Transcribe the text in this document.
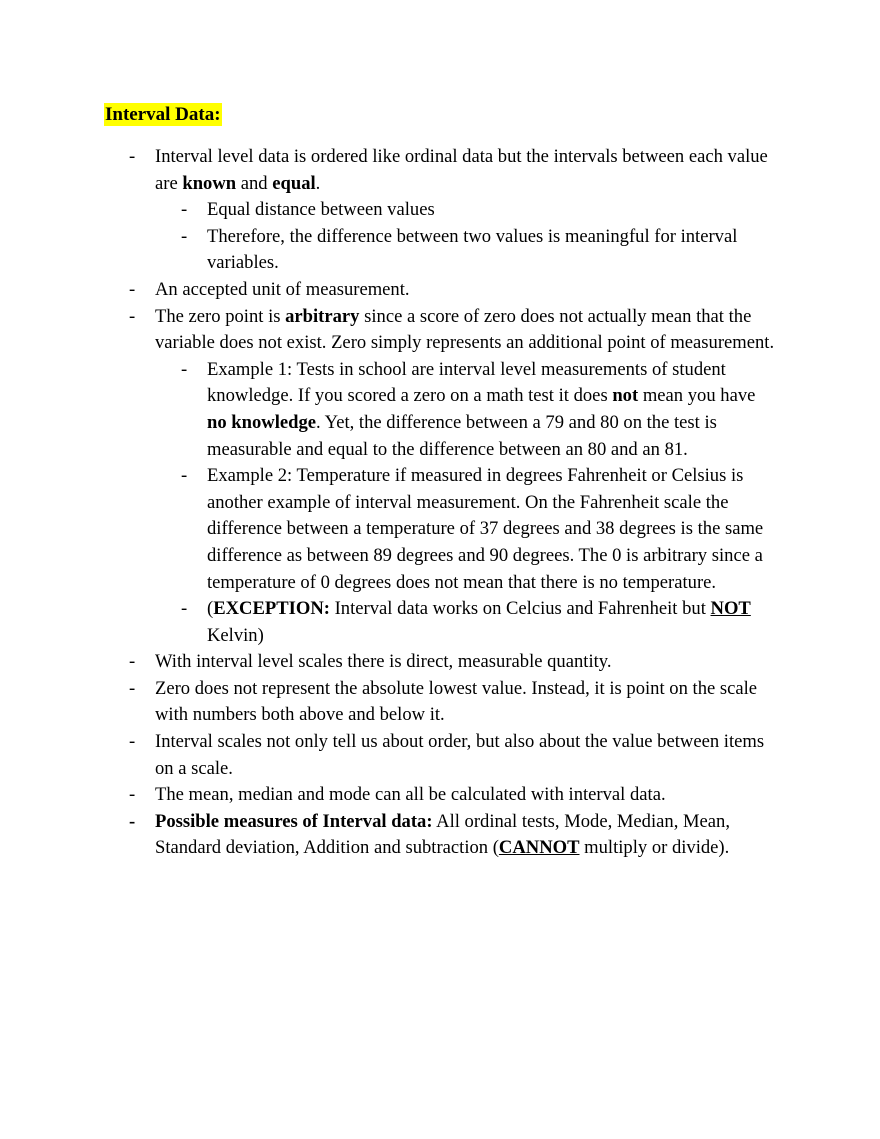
Interval Data:
- Interval level data is ordered like ordinal data but the intervals between each value are known and equal.
- Equal distance between values
- Therefore, the difference between two values is meaningful for interval variables.
- An accepted unit of measurement.
- The zero point is arbitrary since a score of zero does not actually mean that the variable does not exist. Zero simply represents an additional point of measurement.
- Example 1: Tests in school are interval level measurements of student knowledge. If you scored a zero on a math test it does not mean you have no knowledge. Yet, the difference between a 79 and 80 on the test is measurable and equal to the difference between an 80 and an 81.
- Example 2: Temperature if measured in degrees Fahrenheit or Celsius is another example of interval measurement. On the Fahrenheit scale the difference between a temperature of 37 degrees and 38 degrees is the same difference as between 89 degrees and 90 degrees. The 0 is arbitrary since a temperature of 0 degrees does not mean that there is no temperature.
- (EXCEPTION: Interval data works on Celcius and Fahrenheit but NOT Kelvin)
- With interval level scales there is direct, measurable quantity.
- Zero does not represent the absolute lowest value. Instead, it is point on the scale with numbers both above and below it.
- Interval scales not only tell us about order, but also about the value between items on a scale.
- The mean, median and mode can all be calculated with interval data.
- Possible measures of Interval data: All ordinal tests, Mode, Median, Mean, Standard deviation, Addition and subtraction (CANNOT multiply or divide).
